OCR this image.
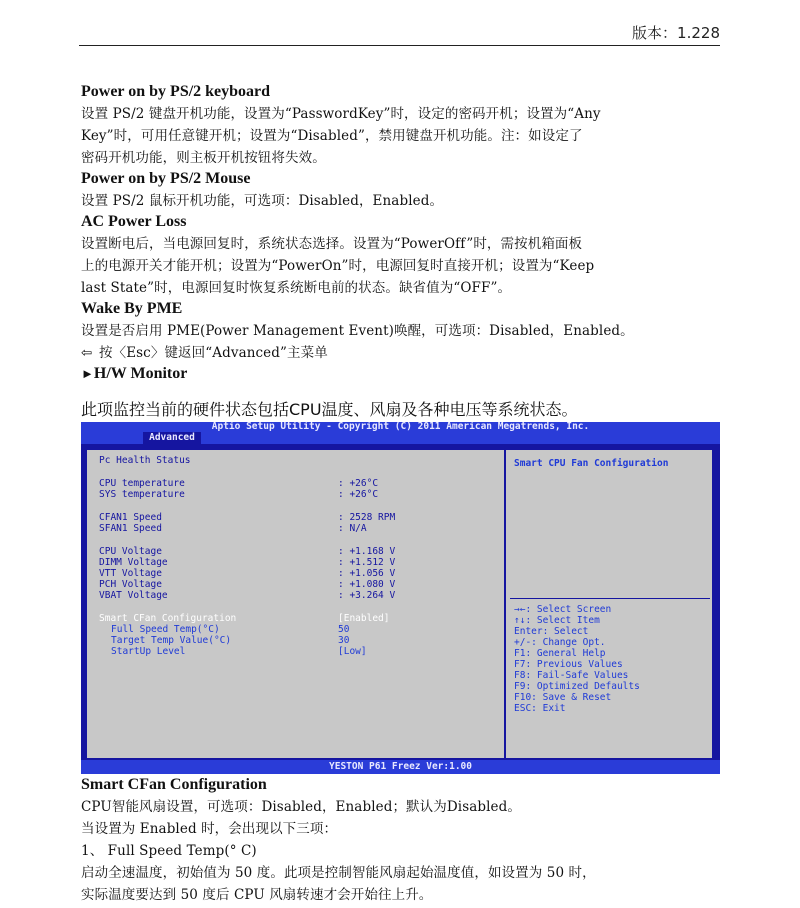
版本：1.228
Power on by PS/2 keyboard
设置 PS/2 键盘开机功能，设置为“PasswordKey”时，设定的密码开机；设置为“Any
Key”时，可用任意键开机；设置为“Disabled”，禁用键盘开机功能。注：如设定了
密码开机功能，则主板开机按钮将失效。
Power on by PS/2 Mouse
设置 PS/2 鼠标开机功能，可选项：Disabled，Enabled。
AC Power Loss
设置断电后，当电源回复时，系统状态选择。设置为“PowerOff”时，需按机箱面板
上的电源开关才能开机；设置为“PowerOn”时，电源回复时直接开机；设置为“Keep
last State”时，电源回复时恢复系统断电前的状态。缺省值为“OFF”。
Wake By PME
设置是否启用 PME(Power Management Event)唤醒，可选项：Disabled，Enabled。
⇦ 按〈Esc〉键返回“Advanced”主菜单
► H/W Monitor
此项监控当前的硬件状态包括CPU温度、风扇及各种电压等系统状态。
Aptio Setup Utility - Copyright (C) 2011 American Megatrends, Inc.
Advanced
Pc Health Status
CPU temperature	: +26°C
SYS temperature	: +26°C
CFAN1 Speed	: 2528 RPM
SFAN1 Speed	: N/A
CPU Voltage	: +1.168 V
DIMM Voltage	: +1.512 V
VTT Voltage	: +1.056 V
PCH Voltage	: +1.080 V
VBAT Voltage	: +3.264 V
Smart CFan Configuration	[Enabled]
Full Speed Temp(°C)	50
Target Temp Value(°C)	30
StartUp Level	[Low]
Smart CPU Fan Configuration
→←: Select Screen
↑↓: Select Item
Enter: Select
+/-: Change Opt.
F1: General Help
F7: Previous Values
F8: Fail-Safe Values
F9: Optimized Defaults
F10: Save & Reset
ESC: Exit
YESTON P61 Freez Ver:1.00
Smart CFan Configuration
CPU智能风扇设置，可选项：Disabled，Enabled；默认为Disabled。
当设置为 Enabled 时，会出现以下三项：
1、 Full Speed Temp(° C)
启动全速温度，初始值为 50 度。此项是控制智能风扇起始温度值，如设置为 50 时，
实际温度要达到 50 度后 CPU 风扇转速才会开始往上升。
